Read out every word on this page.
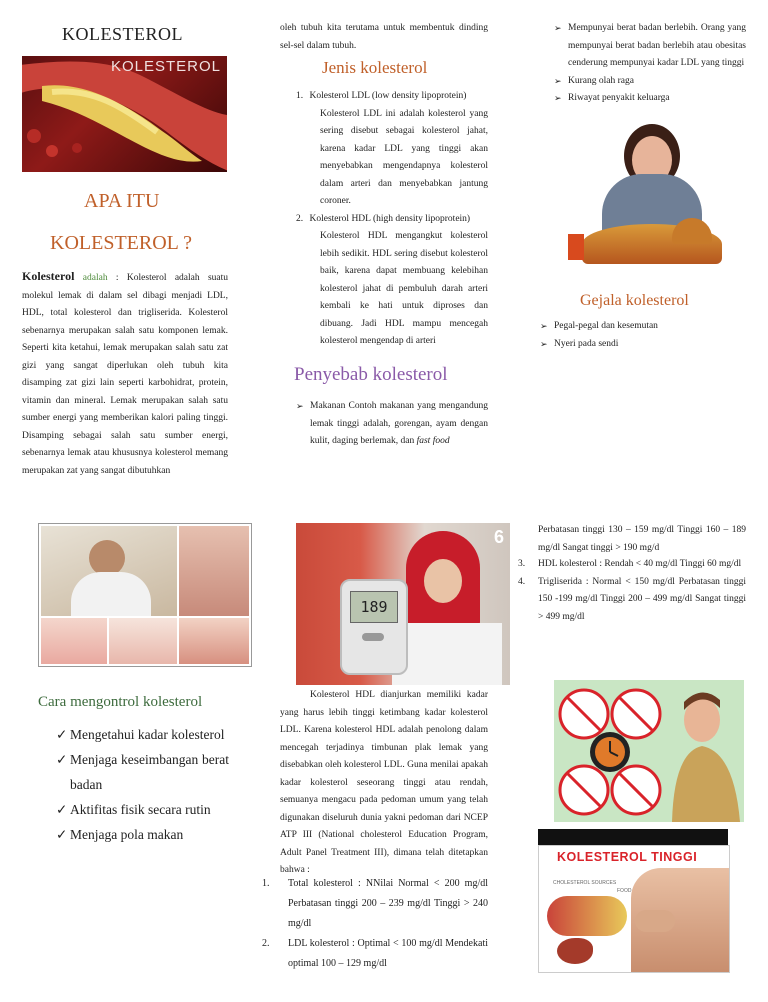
KOLESTEROL
KOLESTEROL
APA ITU
KOLESTEROL ?
Kolesterol adalah : Kolesterol adalah suatu molekul lemak di dalam sel dibagi menjadi LDL, HDL, total kolesterol dan trigliserida. Kolesterol sebenarnya merupakan salah satu komponen lemak. Seperti kita ketahui, lemak merupakan salah satu zat gizi yang sangat diperlukan oleh tubuh kita disamping zat gizi lain seperti karbohidrat, protein, vitamin dan mineral. Lemak merupakan salah satu sumber energi yang memberikan kalori paling tinggi. Disamping sebagai salah satu sumber energi, sebenarnya lemak atau khususnya kolesterol memang merupakan zat yang sangat dibutuhkan
Cara mengontrol kolesterol
✓ Mengetahui kadar kolesterol
✓ Menjaga keseimbangan berat badan
✓ Aktifitas fisik secara rutin
✓ Menjaga pola makan
oleh tubuh kita terutama untuk membentuk dinding sel-sel dalam tubuh.
Jenis kolesterol
1. Kolesterol LDL (low density lipoprotein)
Kolesterol LDL ini adalah kolesterol yang sering disebut sebagai kolesterol jahat, karena kadar LDL yang tinggi akan menyebabkan mengendapnya kolesterol dalam arteri dan menyebabkan jantung coroner.
2. Kolesterol HDL (high density lipoprotein)
Kolesterol HDL mengangkut kolesterol lebih sedikit. HDL sering disebut kolesterol baik, karena dapat membuang kelebihan kolesterol jahat di pembuluh darah arteri kembali ke hati untuk diproses dan dibuang. Jadi HDL mampu mencegah kolesterol mengendap di arteri
Penyebab kolesterol
➢ Makanan Contoh makanan yang mengandung lemak tinggi adalah, gorengan, ayam dengan kulit, daging berlemak, dan fast food
189
6
Kolesterol HDL dianjurkan memiliki kadar yang harus lebih tinggi ketimbang kadar kolesterol LDL. Karena kolesterol HDL adalah penolong dalam mencegah terjadinya timbunan plak lemak yang disebabkan oleh kolesterol LDL. Guna menilai apakah kadar kolesterol seseorang tinggi atau rendah, semuanya mengacu pada pedoman umum yang telah digunakan diseluruh dunia yakni pedoman dari NCEP ATP III (National cholesterol Education Program, Adult Panel Treatment III), dimana telah ditetapkan bahwa :
1.	Total kolesterol : NNilai Normal < 200 mg/dl Perbatasan tinggi 200 – 239 mg/dl Tinggi > 240 mg/dl
2.	LDL kolesterol : Optimal < 100 mg/dl Mendekati optimal 100 – 129 mg/dl
➢ Mempunyai berat badan berlebih. Orang yang mempunyai berat badan berlebih atau obesitas cenderung mempunyai kadar LDL yang tinggi
➢ Kurang olah raga
➢ Riwayat penyakit keluarga
Gejala kolesterol
➢ Pegal-pegal dan kesemutan
➢ Nyeri pada sendi
Perbatasan tinggi 130 – 159 mg/dl Tinggi 160 – 189 mg/dl Sangat tinggi > 190 mg/d
3.	HDL kolesterol : Rendah < 40 mg/dl Tinggi 60 mg/dl
4.	Trigliserida : Normal < 150 mg/dl Perbatasan tinggi 150 -199 mg/dl Tinggi 200 – 499 mg/dl Sangat tinggi > 499 mg/dl
KOLESTEROL TINGGI
CHOLESTEROL SOURCES
FOOD
